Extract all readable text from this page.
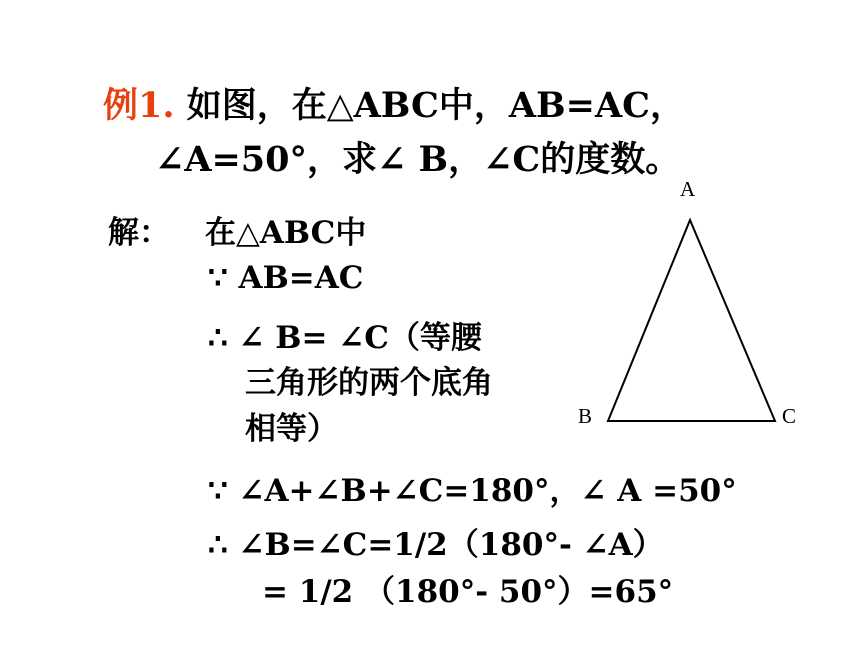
例1. 如图，在△ABC中，AB=AC，
∠A=50°，求∠ B，∠C的度数。
解： 在△ABC中
∵ AB=AC
∴ ∠ B= ∠C（等腰
三角形的两个底角
相等）
∵ ∠A+∠B+∠C=180°，∠ A =50°
∴ ∠B=∠C=1/2（180°- ∠A）
= 1/2 （180°- 50°）=65°
A
B	C
